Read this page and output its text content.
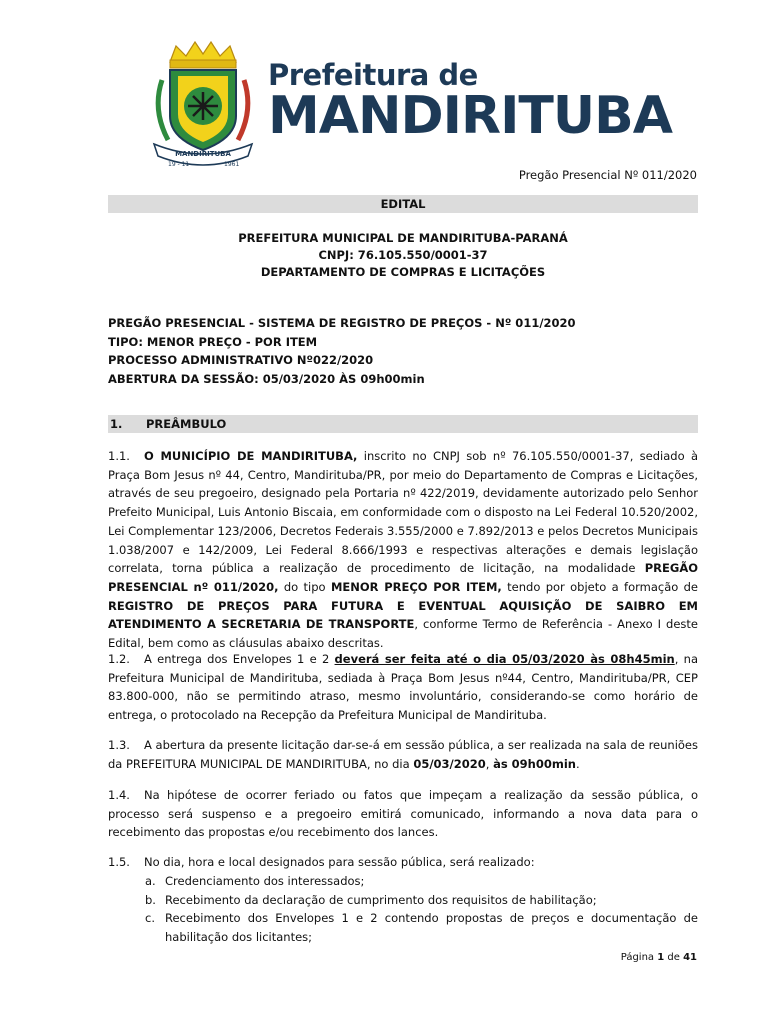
MANDIRITUBA
19 - 11	1961
Prefeitura de
MANDIRITUBA
Pregão Presencial Nº 011/2020
EDITAL
PREFEITURA MUNICIPAL DE MANDIRITUBA-PARANÁ
CNPJ: 76.105.550/0001-37
DEPARTAMENTO DE COMPRAS E LICITAÇÕES
PREGÃO PRESENCIAL - SISTEMA DE REGISTRO DE PREÇOS - Nº 011/2020
TIPO: MENOR PREÇO - POR ITEM
PROCESSO ADMINISTRATIVO Nº022/2020
ABERTURA DA SESSÃO: 05/03/2020 ÀS 09h00min
1. PREÂMBULO
1.1. O MUNICÍPIO DE MANDIRITUBA, inscrito no CNPJ sob nº 76.105.550/0001-37, sediado à Praça Bom Jesus nº 44, Centro, Mandirituba/PR, por meio do Departamento de Compras e Licitações, através de seu pregoeiro, designado pela Portaria nº 422/2019, devidamente autorizado pelo Senhor Prefeito Municipal, Luis Antonio Biscaia, em conformidade com o disposto na Lei Federal 10.520/2002, Lei Complementar 123/2006, Decretos Federais 3.555/2000 e 7.892/2013 e pelos Decretos Municipais 1.038/2007 e 142/2009, Lei Federal 8.666/1993 e respectivas alterações e demais legislação correlata, torna pública a realização de procedimento de licitação, na modalidade PREGÃO PRESENCIAL nº 011/2020, do tipo MENOR PREÇO POR ITEM, tendo por objeto a formação de REGISTRO DE PREÇOS PARA FUTURA E EVENTUAL AQUISIÇÃO DE SAIBRO EM ATENDIMENTO A SECRETARIA DE TRANSPORTE, conforme Termo de Referência - Anexo I deste Edital, bem como as cláusulas abaixo descritas.
1.2. A entrega dos Envelopes 1 e 2 deverá ser feita até o dia 05/03/2020 às 08h45min, na Prefeitura Municipal de Mandirituba, sediada à Praça Bom Jesus nº44, Centro, Mandirituba/PR, CEP 83.800-000, não se permitindo atraso, mesmo involuntário, considerando-se como horário de entrega, o protocolado na Recepção da Prefeitura Municipal de Mandirituba.
1.3. A abertura da presente licitação dar-se-á em sessão pública, a ser realizada na sala de reuniões da PREFEITURA MUNICIPAL DE MANDIRITUBA, no dia 05/03/2020, às 09h00min.
1.4. Na hipótese de ocorrer feriado ou fatos que impeçam a realização da sessão pública, o processo será suspenso e a pregoeiro emitirá comunicado, informando a nova data para o recebimento das propostas e/ou recebimento dos lances.
1.5. No dia, hora e local designados para sessão pública, será realizado:
a. Credenciamento dos interessados;
b. Recebimento da declaração de cumprimento dos requisitos de habilitação;
c. Recebimento dos Envelopes 1 e 2 contendo propostas de preços e documentação de habilitação dos licitantes;
Página 1 de 41
